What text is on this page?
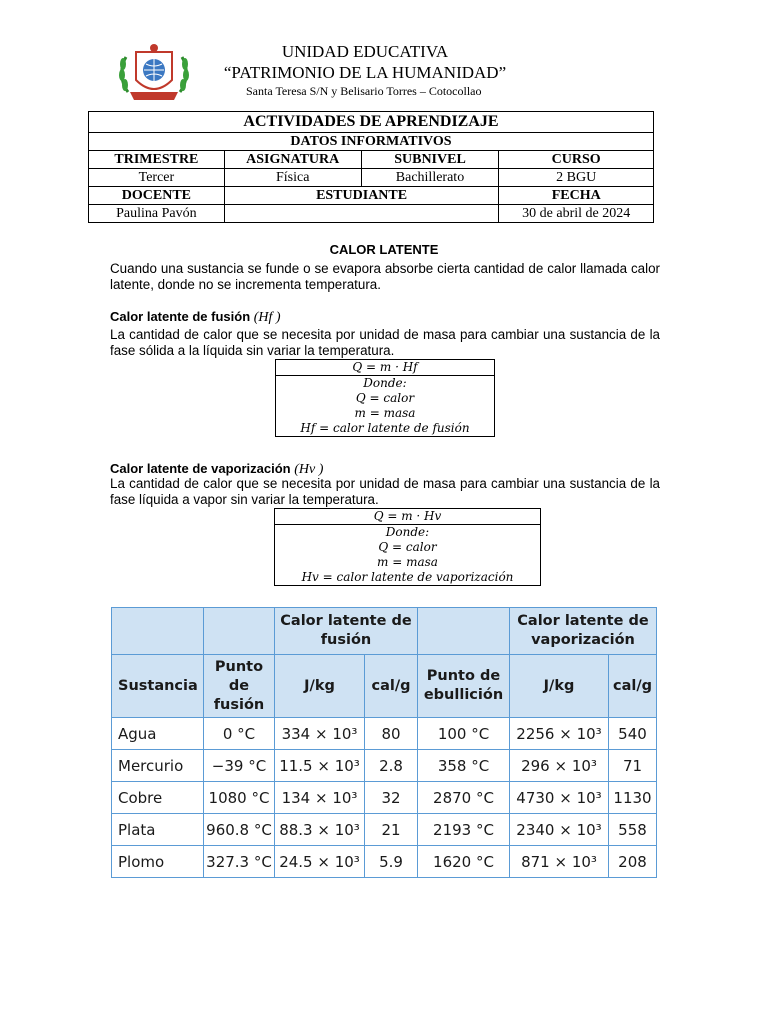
UNIDAD EDUCATIVA
“PATRIMONIO DE LA HUMANIDAD”
Santa Teresa S/N y Belisario Torres – Cotocollao
ACTIVIDADES DE APRENDIZAJE			
DATOS INFORMATIVOS			
TRIMESTRE	ASIGNATURA	SUBNIVEL	CURSO
Tercer	Física	Bachillerato	2 BGU
DOCENTE	ESTUDIANTE		FECHA
Paulina Pavón			30 de abril de 2024
CALOR LATENTE
Cuando una sustancia se funde o se evapora absorbe cierta cantidad de calor llamada calor latente, donde no se incrementa temperatura.
Calor latente de fusión (Hf )
La cantidad de calor que se necesita por unidad de masa para cambiar una sustancia de la fase sólida a la líquida sin variar la temperatura.
Q = m · Hf
Donde:
Q = calor
m = masa
Hf = calor latente de fusión
Calor latente de vaporización (Hv )
La cantidad de calor que se necesita por unidad de masa para cambiar una sustancia de la fase líquida a vapor sin variar la temperatura.
Q = m · Hv
Donde:
Q = calor
m = masa
Hv = calor latente de vaporización
		Calor latente de fusión			Calor latente de vaporización	
Sustancia	Punto de fusión	J/kg	cal/g	Punto de ebullición	J/kg	cal/g
Agua	0 °C	334 × 10³	80	100 °C	2256 × 10³	540
Mercurio	−39 °C	11.5 × 10³	2.8	358 °C	296 × 10³	71
Cobre	1080 °C	134 × 10³	32	2870 °C	4730 × 10³	1130
Plata	960.8 °C	88.3 × 10³	21	2193 °C	2340 × 10³	558
Plomo	327.3 °C	24.5 × 10³	5.9	1620 °C	871 × 10³	208
